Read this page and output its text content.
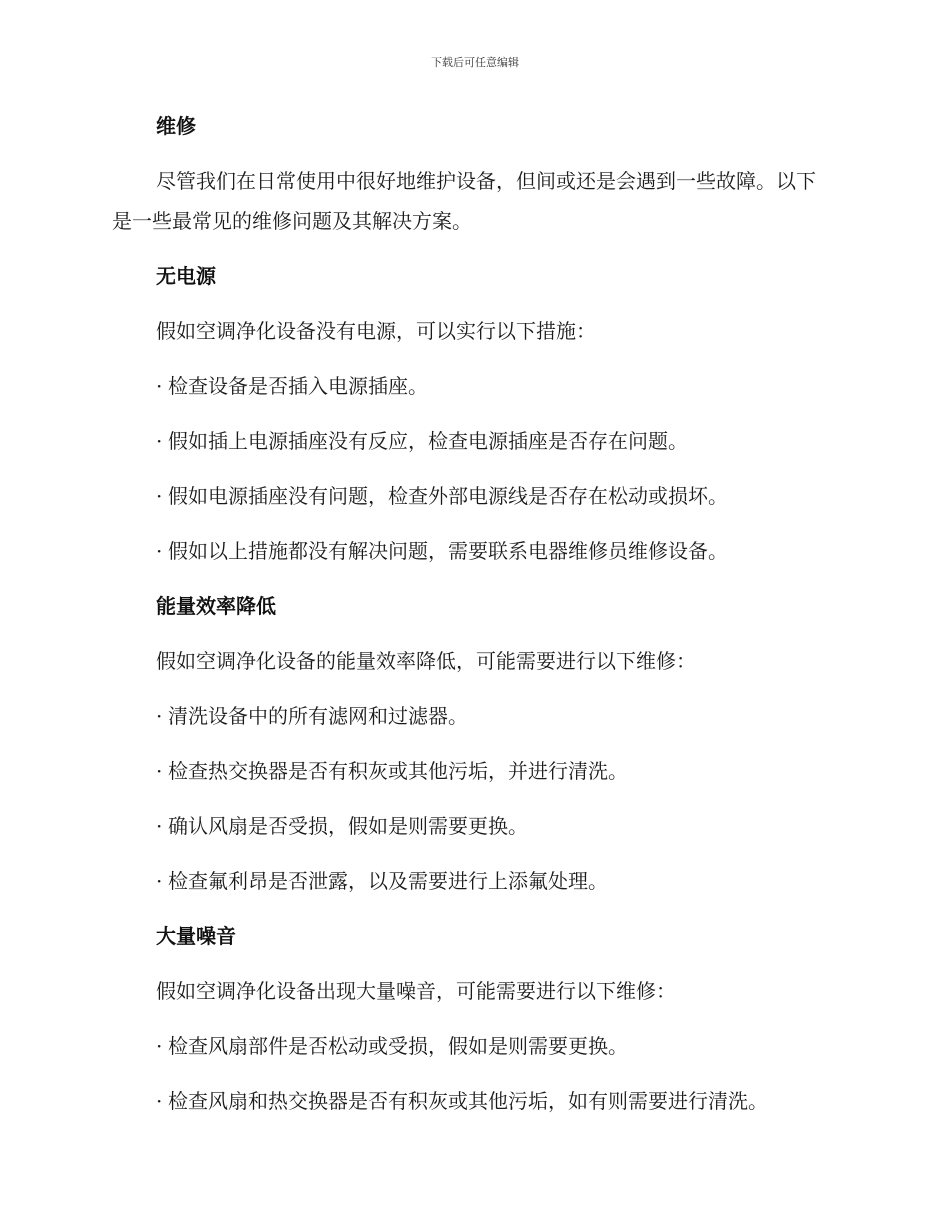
下载后可任意编辑
维修
尽管我们在日常使用中很好地维护设备，但间或还是会遇到一些故障。以下是一些最常见的维修问题及其解决方案。
无电源
假如空调净化设备没有电源，可以实行以下措施：
· 检查设备是否插入电源插座。
· 假如插上电源插座没有反应，检查电源插座是否存在问题。
· 假如电源插座没有问题，检查外部电源线是否存在松动或损坏。
· 假如以上措施都没有解决问题，需要联系电器维修员维修设备。
能量效率降低
假如空调净化设备的能量效率降低，可能需要进行以下维修：
· 清洗设备中的所有滤网和过滤器。
· 检查热交换器是否有积灰或其他污垢，并进行清洗。
· 确认风扇是否受损，假如是则需要更换。
· 检查氟利昂是否泄露，以及需要进行上添氟处理。
大量噪音
假如空调净化设备出现大量噪音，可能需要进行以下维修：
· 检查风扇部件是否松动或受损，假如是则需要更换。
· 检查风扇和热交换器是否有积灰或其他污垢，如有则需要进行清洗。
